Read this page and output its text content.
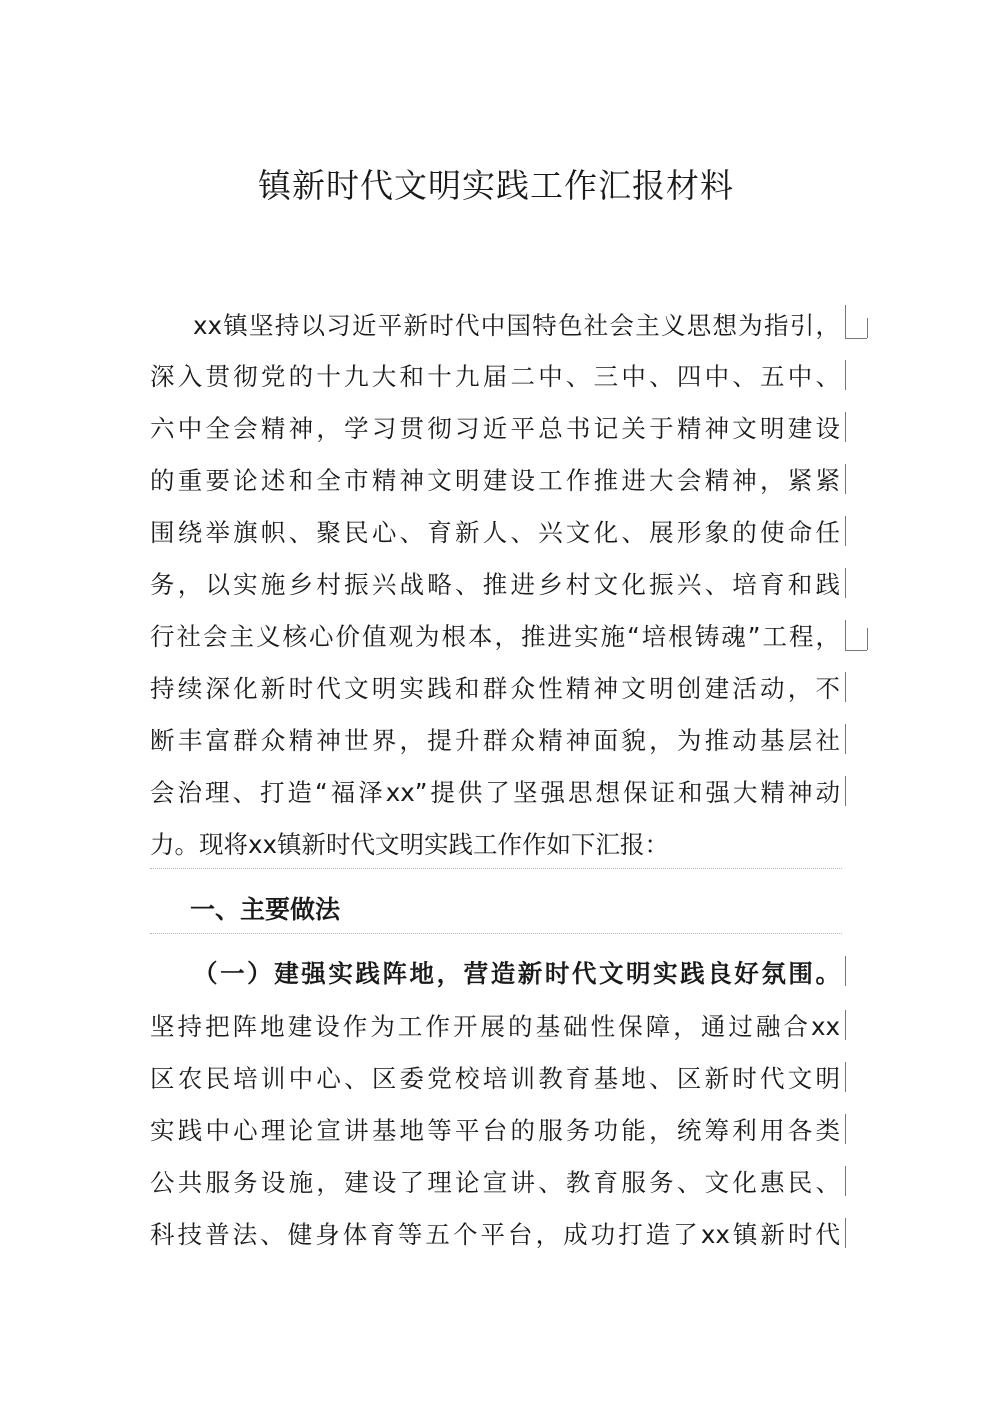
镇新时代文明实践工作汇报材料
xx镇坚持以习近平新时代中国特色社会主义思想为指引，
深入贯彻党的十九大和十九届二中、三中、四中、五中、
六中全会精神，学习贯彻习近平总书记关于精神文明建设
的重要论述和全市精神文明建设工作推进大会精神，紧紧
围绕举旗帜、聚民心、育新人、兴文化、展形象的使命任
务，以实施乡村振兴战略、推进乡村文化振兴、培育和践
行社会主义核心价值观为根本，推进实施“培根铸魂”工程，
持续深化新时代文明实践和群众性精神文明创建活动，不
断丰富群众精神世界，提升群众精神面貌，为推动基层社
会治理、打造“福泽xx”提供了坚强思想保证和强大精神动
力。现将xx镇新时代文明实践工作作如下汇报：
一、主要做法
（一）建强实践阵地，营造新时代文明实践良好氛围。
坚持把阵地建设作为工作开展的基础性保障，通过融合xx
区农民培训中心、区委党校培训教育基地、区新时代文明
实践中心理论宣讲基地等平台的服务功能，统筹利用各类
公共服务设施，建设了理论宣讲、教育服务、文化惠民、
科技普法、健身体育等五个平台，成功打造了xx镇新时代
